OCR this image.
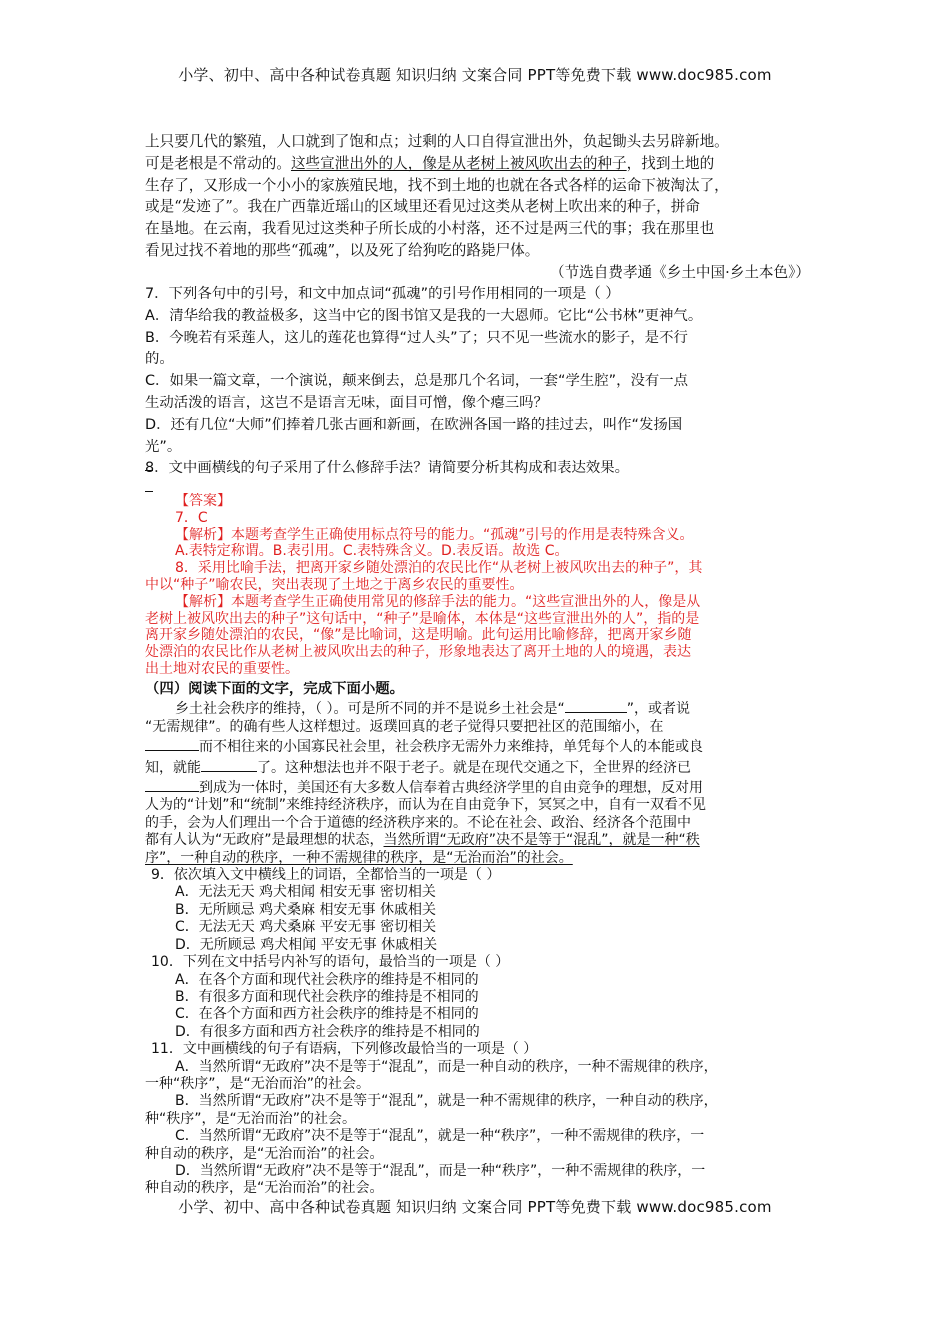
小学、初中、高中各种试卷真题 知识归纳 文案合同 PPT等免费下载 www.doc985.com
上只要几代的繁殖，人口就到了饱和点；过剩的人口自得宣泄出外，负起锄头去另辟新地。
可是老根是不常动的。这些宣泄出外的人，像是从老树上被风吹出去的种子，找到土地的
生存了，又形成一个小小的家族殖民地，找不到土地的也就在各式各样的运命下被淘汰了，
或是“发迹了”。我在广西靠近瑶山的区域里还看见过这类从老树上吹出来的种子，拼命
在垦地。在云南，我看见过这类种子所长成的小村落，还不过是两三代的事；我在那里也
看见过找不着地的那些“孤魂”，以及死了给狗吃的路毙尸体。
（节选自费孝通《乡土中国·乡土本色》）
7．下列各句中的引号，和文中加点词“孤魂”的引号作用相同的一项是（ ）
A．清华给我的教益极多，这当中它的图书馆又是我的一大恩师。它比“公书林”更神气。
B．今晚若有采莲人，这儿的莲花也算得“过人头”了；只不见一些流水的影子，是不行
的。
C．如果一篇文章，一个演说，颠来倒去，总是那几个名词，一套“学生腔”，没有一点
生动活泼的语言，这岂不是语言无味，面目可憎，像个瘪三吗？
D．还有几位“大师”们捧着几张古画和新画，在欧洲各国一路的挂过去，叫作“发扬国
光”。
8．文中画横线的句子采用了什么修辞手法？请简要分析其构成和表达效果。
【答案】
7．C
【解析】本题考查学生正确使用标点符号的能力。“孤魂”引号的作用是表特殊含义。
A.表特定称谓。B.表引用。C.表特殊含义。D.表反语。故选 C。
8．采用比喻手法，把离开家乡随处漂泊的农民比作“从老树上被风吹出去的种子”，其
中以“种子”喻农民，突出表现了土地之于离乡农民的重要性。
【解析】本题考查学生正确使用常见的修辞手法的能力。“这些宣泄出外的人，像是从
老树上被风吹出去的种子”这句话中，“种子”是喻体，本体是“这些宣泄出外的人”，指的是
离开家乡随处漂泊的农民，“像”是比喻词，这是明喻。此句运用比喻修辞，把离开家乡随
处漂泊的农民比作从老树上被风吹出去的种子，形象地表达了离开土地的人的境遇，表达
出土地对农民的重要性。
（四）阅读下面的文字，完成下面小题。
乡土社会秩序的维持，（ ）。可是所不同的并不是说乡土社会是“	”，或者说
“无需规律”。的确有些人这样想过。返璞回真的老子觉得只要把社区的范围缩小，在
而不相往来的小国寡民社会里，社会秩序无需外力来维持，单凭每个人的本能或良
知，就能	了。这种想法也并不限于老子。就是在现代交通之下，全世界的经济已
到成为一体时，美国还有大多数人信奉着古典经济学里的自由竞争的理想，反对用
人为的“计划”和“统制”来维持经济秩序，而认为在自由竞争下，冥冥之中，自有一双看不见
的手，会为人们理出一个合于道德的经济秩序来的。不论在社会、政治、经济各个范围中
都有人认为“无政府”是最理想的状态，当然所谓“无政府”决不是等于“混乱”，就是一种“秩
序”，一种自动的秩序，一种不需规律的秩序，是“无治而治”的社会。
9．依次填入文中横线上的词语，全都恰当的一项是（ ）
A．无法无天 鸡犬相闻 相安无事 密切相关
B．无所顾忌 鸡犬桑麻 相安无事 休戚相关
C．无法无天 鸡犬桑麻 平安无事 密切相关
D．无所顾忌 鸡犬相闻 平安无事 休戚相关
10．下列在文中括号内补写的语句，最恰当的一项是（ ）
A．在各个方面和现代社会秩序的维持是不相同的
B．有很多方面和现代社会秩序的维持是不相同的
C．在各个方面和西方社会秩序的维持是不相同的
D．有很多方面和西方社会秩序的维持是不相同的
11．文中画横线的句子有语病，下列修改最恰当的一项是（ ）
A．当然所谓“无政府”决不是等于“混乱”，而是一种自动的秩序，一种不需规律的秩序，
一种“秩序”，是“无治而治”的社会。
B．当然所谓“无政府”决不是等于“混乱”，就是一种不需规律的秩序，一种自动的秩序，
种“秩序”，是“无治而治”的社会。
C．当然所谓“无政府”决不是等于“混乱”，就是一种“秩序”，一种不需规律的秩序，一
种自动的秩序，是“无治而治”的社会。
D．当然所谓“无政府”决不是等于“混乱”，而是一种“秩序”，一种不需规律的秩序，一
种自动的秩序，是“无治而治”的社会。
小学、初中、高中各种试卷真题 知识归纳 文案合同 PPT等免费下载 www.doc985.com
